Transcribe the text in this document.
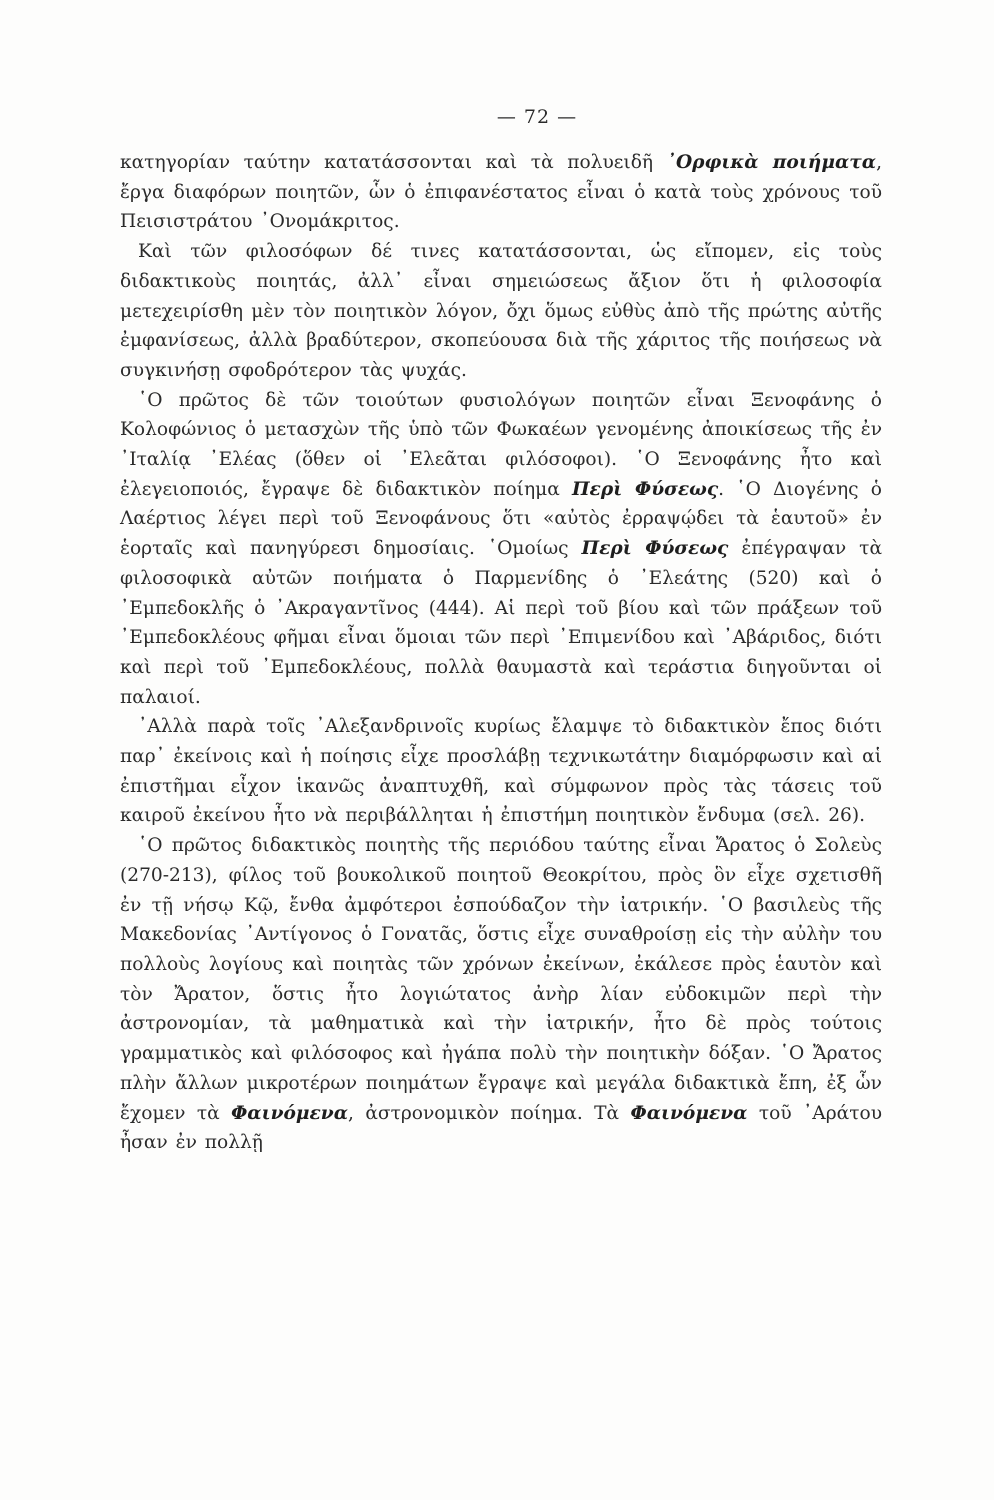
— 72 —

κατηγορίαν ταύτην κατατάσσονται καὶ τὰ πολυειδῆ ᾿Ορφικὰ ποιήματα, ἔργα διαφόρων ποιητῶν, ὧν ὁ ἐπιφανέστατος εἶναι ὁ κατὰ τοὺς χρόνους τοῦ Πεισιστράτου ᾿Ονομάκριτος.

Καὶ τῶν φιλοσόφων δέ τινες κατατάσσονται, ὡς εἴπομεν, εἰς τοὺς διδακτικοὺς ποιητάς, ἀλλ᾿ εἶναι σημειώσεως ἄξιον ὅτι ἡ φιλοσοφία μετεχειρίσθη μὲν τὸν ποιητικὸν λόγον, ὄχι ὅμως εὐθὺς ἀπὸ τῆς πρώτης αὐτῆς ἐμφανίσεως, ἀλλὰ βραδύτερον, σκοπεύουσα διὰ τῆς χάριτος τῆς ποιήσεως νὰ συγκινήσῃ σφοδρότερον τὰς ψυχάς.

῾Ο πρῶτος δὲ τῶν τοιούτων φυσιολόγων ποιητῶν εἶναι Ξενοφάνης ὁ Κολοφώνιος ὁ μετασχὼν τῆς ὑπὸ τῶν Φωκαέων γενομένης ἀποικίσεως τῆς ἐν ᾿Ιταλίᾳ ᾿Ελέας (ὅθεν οἱ ᾿Ελεᾶται φιλόσοφοι). ῾Ο Ξενοφάνης ἦτο καὶ ἐλεγειοποιός, ἔγραψε δὲ διδακτικὸν ποίημα Περὶ Φύσεως. ῾Ο Διογένης ὁ Λαέρτιος λέγει περὶ τοῦ Ξενοφάνους ὅτι «αὐτὸς ἐρραψῴδει τὰ ἑαυτοῦ» ἐν ἑορταῖς καὶ πανηγύρεσι δημοσίαις. ῾Ομοίως Περὶ Φύσεως ἐπέγραψαν τὰ φιλοσοφικὰ αὐτῶν ποιήματα ὁ Παρμενίδης ὁ ᾿Ελεάτης (520) καὶ ὁ ᾿Εμπεδοκλῆς ὁ ᾿Ακραγαντῖνος (444). Αἱ περὶ τοῦ βίου καὶ τῶν πράξεων τοῦ ᾿Εμπεδοκλέους φῆμαι εἶναι ὅμοιαι τῶν περὶ ᾿Επιμενίδου καὶ ᾿Αβάριδος, διότι καὶ περὶ τοῦ ᾿Εμπεδοκλέους, πολλὰ θαυμαστὰ καὶ τεράστια διηγοῦνται οἱ παλαιοί.

᾿Αλλὰ παρὰ τοῖς ᾿Αλεξανδρινοῖς κυρίως ἔλαμψε τὸ διδακτικὸν ἔπος διότι παρ᾿ ἐκείνοις καὶ ἡ ποίησις εἶχε προσλάβῃ τεχνικωτάτην διαμόρφωσιν καὶ αἱ ἐπιστῆμαι εἶχον ἱκανῶς ἀναπτυχθῆ, καὶ σύμφωνον πρὸς τὰς τάσεις τοῦ καιροῦ ἐκείνου ἦτο νὰ περιβάλληται ἡ ἐπιστήμη ποιητικὸν ἔνδυμα (σελ. 26).

῾Ο πρῶτος διδακτικὸς ποιητὴς τῆς περιόδου ταύτης εἶναι Ἄρατος ὁ Σολεὺς (270-213), φίλος τοῦ βουκολικοῦ ποιητοῦ Θεοκρίτου, πρὸς ὃν εἶχε σχετισθῆ ἐν τῇ νήσῳ Κῷ, ἔνθα ἀμφότεροι ἐσπούδαζον τὴν ἰατρικήν. ῾Ο βασιλεὺς τῆς Μακεδονίας ᾿Αντίγονος ὁ Γονατᾶς, ὅστις εἶχε συναθροίσῃ εἰς τὴν αὐλὴν του πολλοὺς λογίους καὶ ποιητὰς τῶν χρόνων ἐκείνων, ἐκάλεσε πρὸς ἑαυτὸν καὶ τὸν Ἄρατον, ὅστις ἦτο λογιώτατος ἀνὴρ λίαν εὐδοκιμῶν περὶ τὴν ἀστρονομίαν, τὰ μαθηματικὰ καὶ τὴν ἰατρικήν, ἦτο δὲ πρὸς τούτοις γραμματικὸς καὶ φιλόσοφος καὶ ἠγάπα πολὺ τὴν ποιητικὴν δόξαν. ῾Ο Ἄρατος πλὴν ἄλλων μικροτέρων ποιημάτων ἔγραψε καὶ μεγάλα διδακτικὰ ἔπη, ἐξ ὧν ἔχομεν τὰ Φαινόμενα, ἀστρονομικὸν ποίημα. Τὰ Φαινόμενα τοῦ ᾿Αράτου ἦσαν ἐν πολλῇ
